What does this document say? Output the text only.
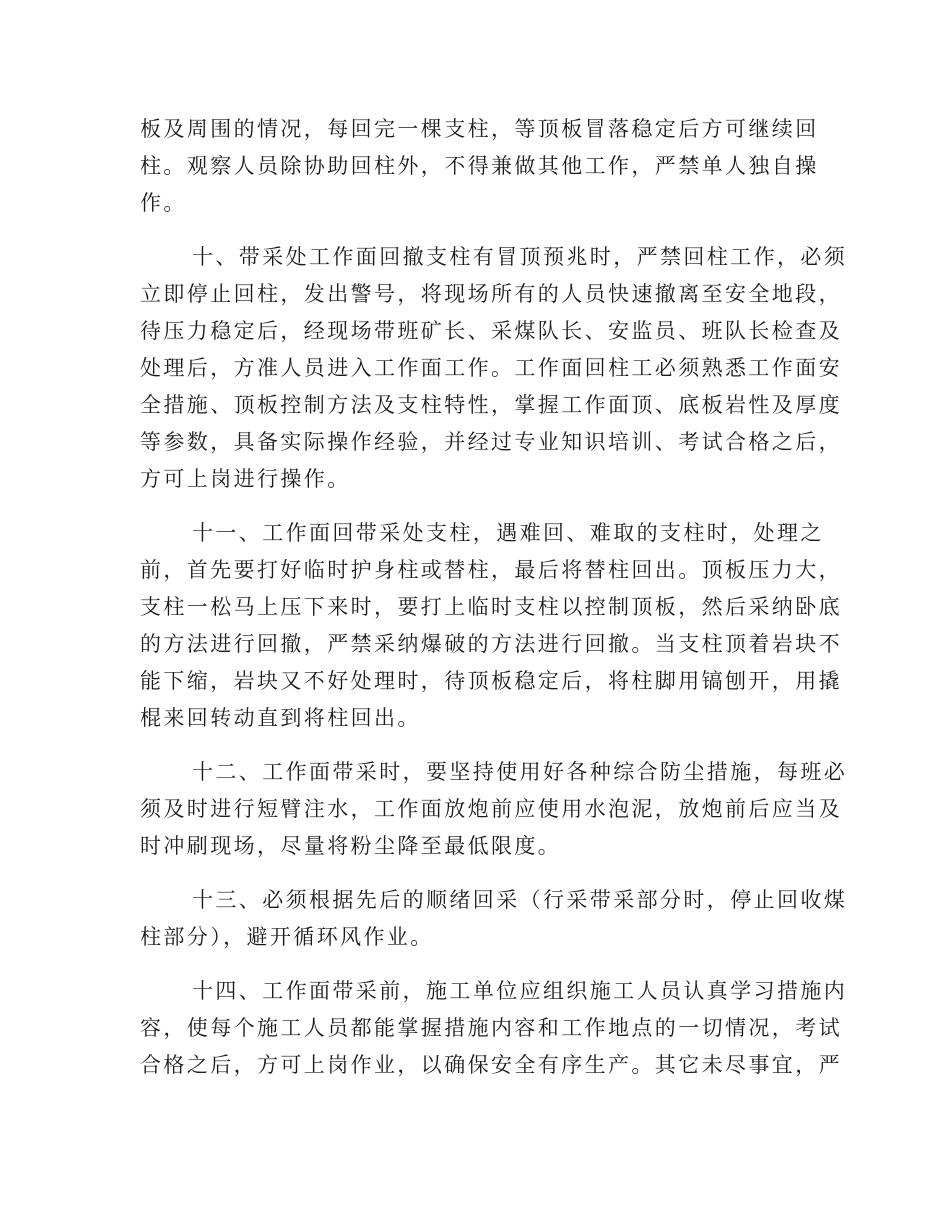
板及周围的情况，每回完一棵支柱，等顶板冒落稳定后方可继续回
柱。观察人员除协助回柱外，不得兼做其他工作，严禁单人独自操
作。
十、带采处工作面回撤支柱有冒顶预兆时，严禁回柱工作，必须
立即停止回柱，发出警号，将现场所有的人员快速撤离至安全地段，
待压力稳定后，经现场带班矿长、采煤队长、安监员、班队长检查及
处理后，方准人员进入工作面工作。工作面回柱工必须熟悉工作面安
全措施、顶板控制方法及支柱特性，掌握工作面顶、底板岩性及厚度
等参数，具备实际操作经验，并经过专业知识培训、考试合格之后，
方可上岗进行操作。
十一、工作面回带采处支柱，遇难回、难取的支柱时，处理之
前，首先要打好临时护身柱或替柱，最后将替柱回出。顶板压力大，
支柱一松马上压下来时，要打上临时支柱以控制顶板，然后采纳卧底
的方法进行回撤，严禁采纳爆破的方法进行回撤。当支柱顶着岩块不
能下缩，岩块又不好处理时，待顶板稳定后，将柱脚用镐刨开，用撬
棍来回转动直到将柱回出。
十二、工作面带采时，要坚持使用好各种综合防尘措施，每班必
须及时进行短臂注水，工作面放炮前应使用水泡泥，放炮前后应当及
时冲刷现场，尽量将粉尘降至最低限度。
十三、必须根据先后的顺绪回采（行采带采部分时，停止回收煤
柱部分），避开循环风作业。
十四、工作面带采前，施工单位应组织施工人员认真学习措施内
容，使每个施工人员都能掌握措施内容和工作地点的一切情况，考试
合格之后，方可上岗作业，以确保安全有序生产。其它未尽事宜，严
